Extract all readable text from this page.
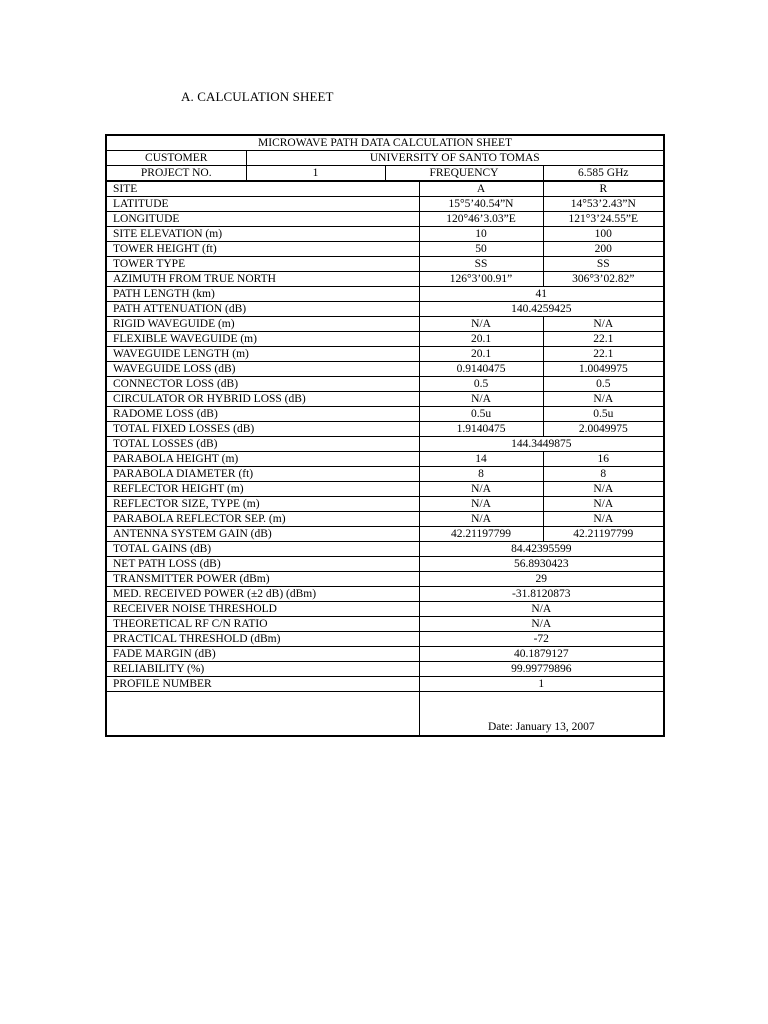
A. CALCULATION SHEET
MICROWAVE PATH DATA CALCULATION SHEET				
CUSTOMER	UNIVERSITY OF SANTO TOMAS			
PROJECT NO.	1	FREQUENCY		6.585 GHz
SITE			A	R
LATITUDE			15°5’40.54”N	14°53’2.43”N
LONGITUDE			120°46’3.03”E	121°3’24.55”E
SITE ELEVATION (m)			10	100
TOWER HEIGHT (ft)			50	200
TOWER TYPE			SS	SS
AZIMUTH FROM TRUE NORTH			126°3’00.91”	306°3’02.82”
PATH LENGTH (km)			41	
PATH ATTENUATION (dB)			140.4259425	
RIGID WAVEGUIDE (m)			N/A	N/A
FLEXIBLE WAVEGUIDE (m)			20.1	22.1
WAVEGUIDE LENGTH (m)			20.1	22.1
WAVEGUIDE LOSS (dB)			0.9140475	1.0049975
CONNECTOR LOSS (dB)			0.5	0.5
CIRCULATOR OR HYBRID LOSS (dB)			N/A	N/A
RADOME LOSS (dB)			0.5u	0.5u
TOTAL FIXED LOSSES (dB)			1.9140475	2.0049975
TOTAL LOSSES (dB)			144.3449875	
PARABOLA HEIGHT (m)			14	16
PARABOLA DIAMETER (ft)			8	8
REFLECTOR HEIGHT (m)			N/A	N/A
REFLECTOR SIZE, TYPE (m)			N/A	N/A
PARABOLA REFLECTOR SEP. (m)			N/A	N/A
ANTENNA SYSTEM GAIN (dB)			42.21197799	42.21197799
TOTAL GAINS (dB)			84.42395599	
NET PATH LOSS (dB)			56.8930423	
TRANSMITTER POWER (dBm)			29	
MED. RECEIVED POWER (±2 dB) (dBm)			-31.8120873	
RECEIVER NOISE THRESHOLD			N/A	
THEORETICAL RF C/N RATIO			N/A	
PRACTICAL THRESHOLD (dBm)			-72	
FADE MARGIN (dB)			40.1879127	
RELIABILITY (%)			99.99779896	
PROFILE NUMBER			1	
			Date: January 13, 2007	
